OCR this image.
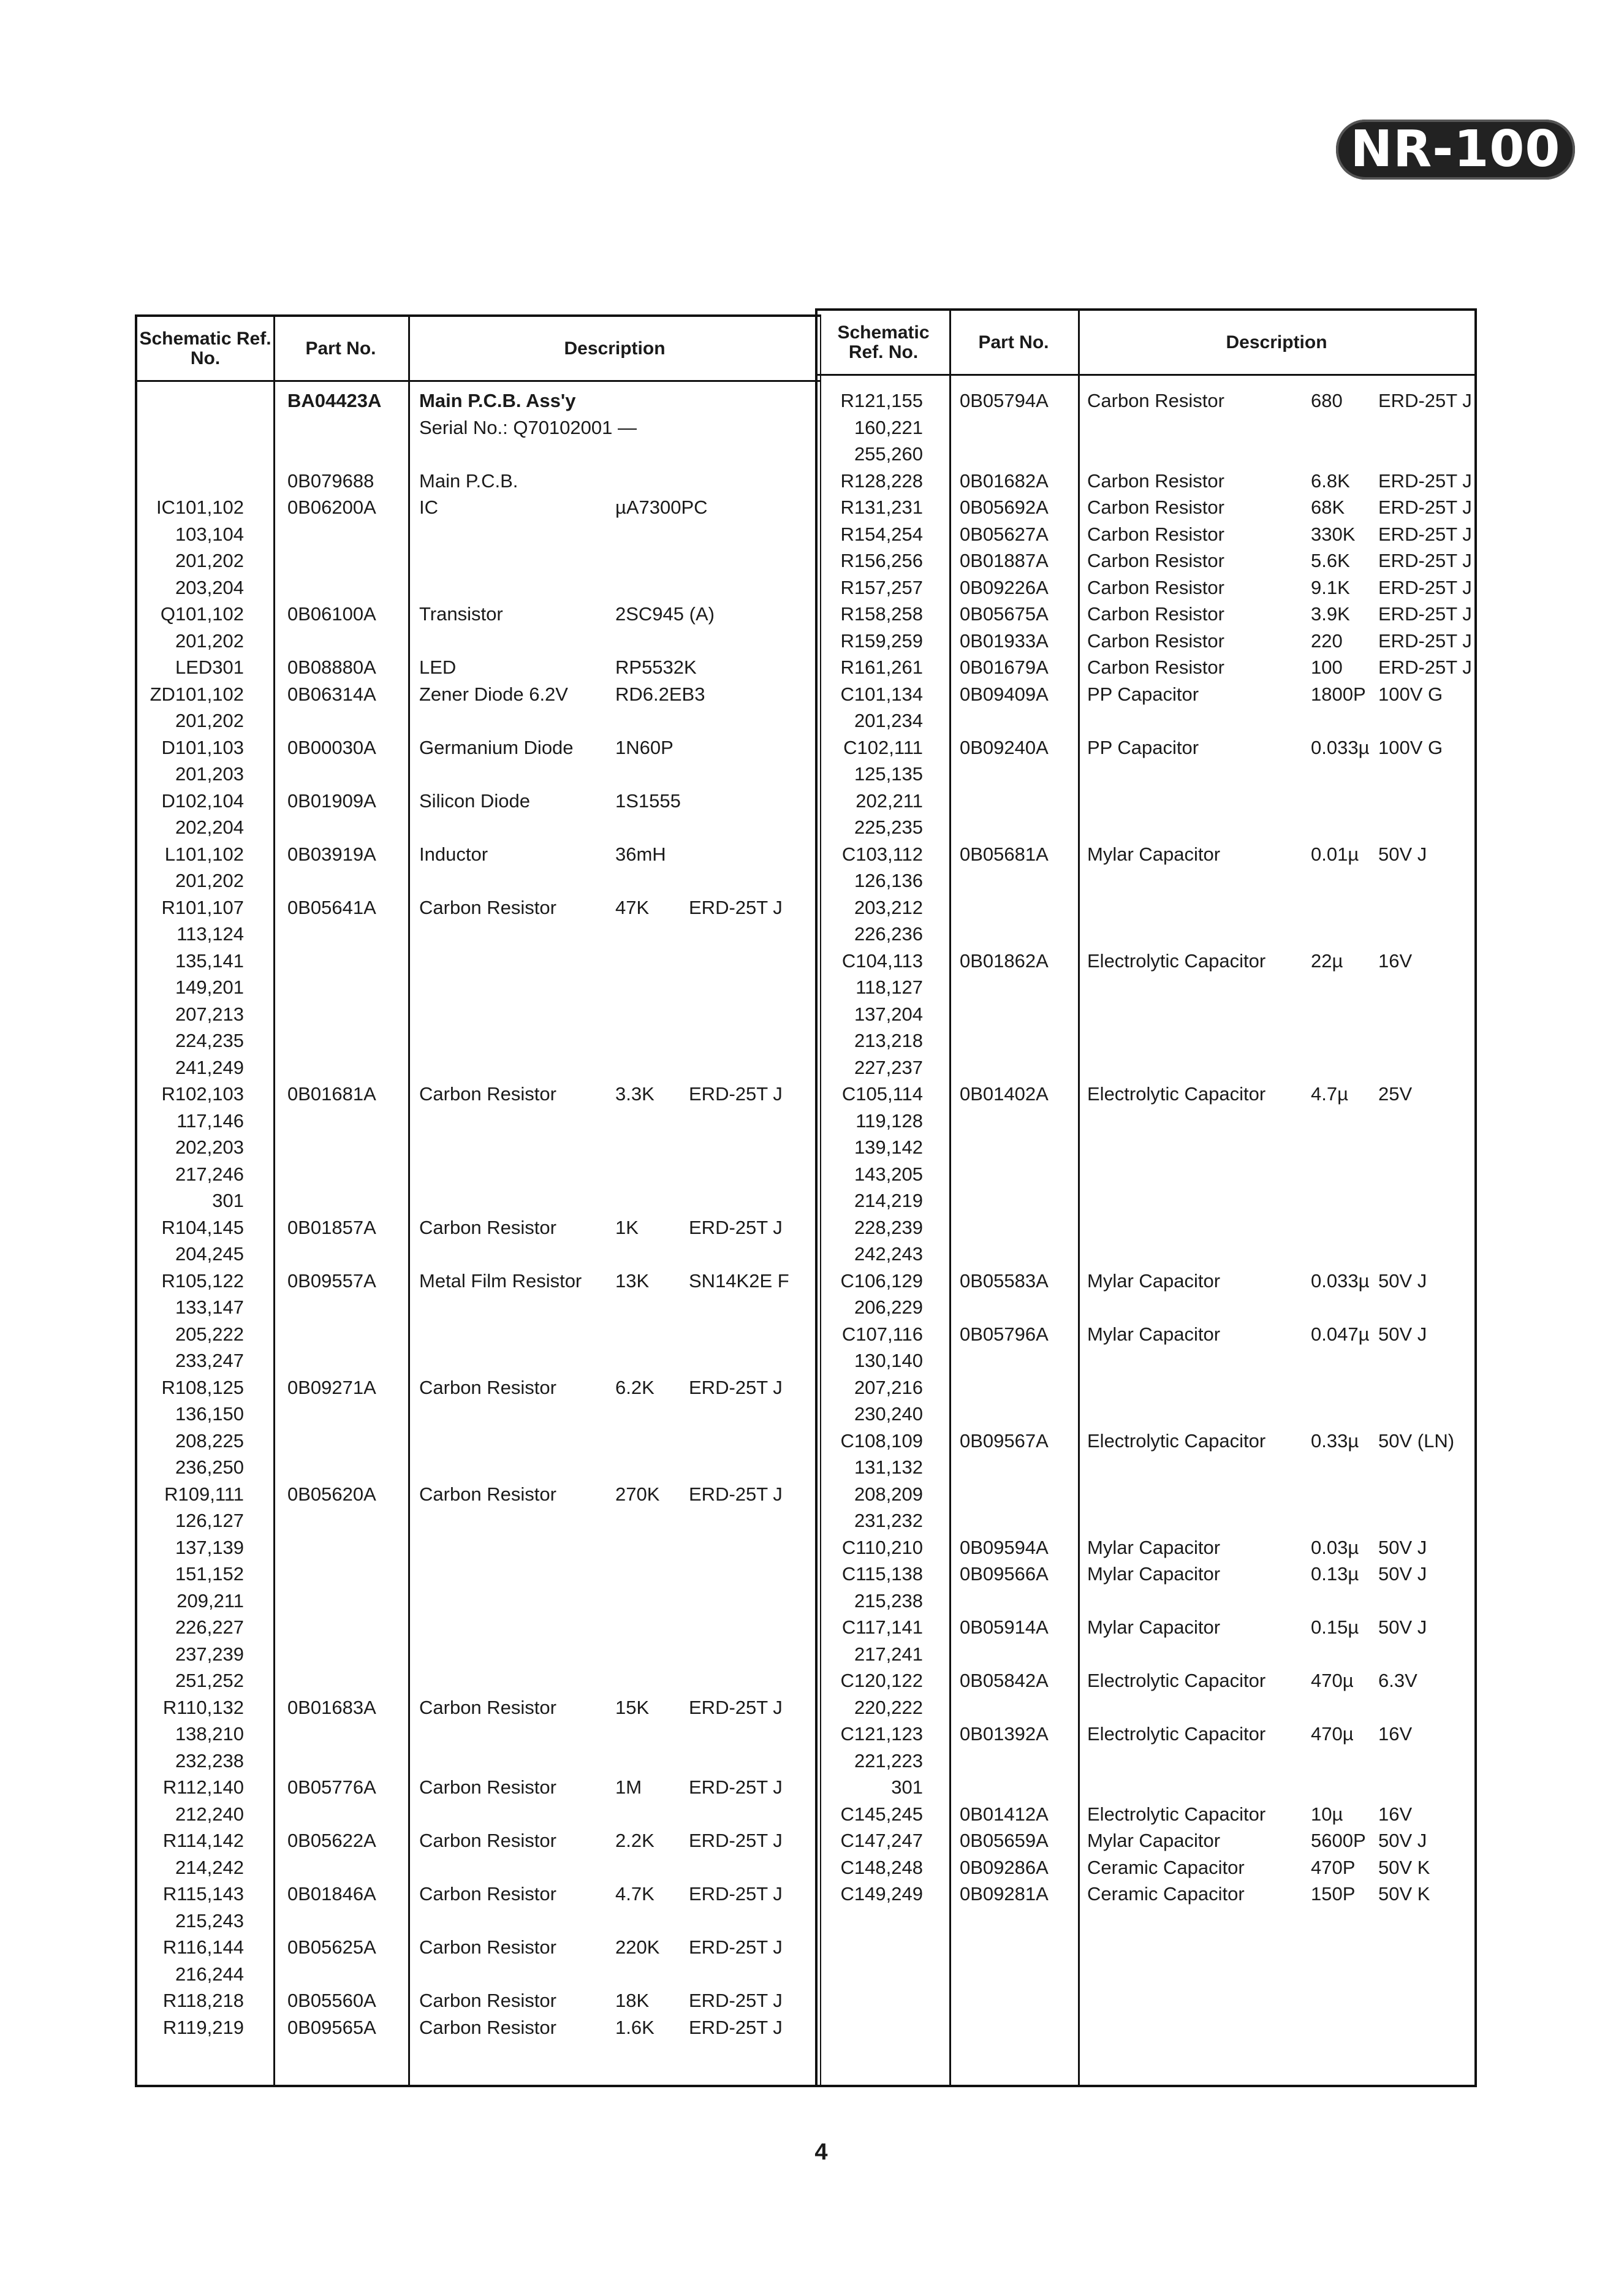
NR-100
Schematic Ref. No.	Part No.	Description
BA04423A Main P.C.B. Ass'y
Serial No.: Q70102001 —
0B079688 Main P.C.B.
IC101,102 0B06200A IC	µA7300PC
103,104
201,202
203,204
Q101,102 0B06100A Transistor	2SC945 (A)
201,202
LED301 0B08880A LED	RP5532K
ZD101,102 0B06314A Zener Diode 6.2V RD6.2EB3
201,202
D101,103 0B00030A Germanium Diode 1N60P
201,203
D102,104 0B01909A Silicon Diode	1S1555
202,204
L101,102 0B03919A Inductor	36mH
201,202
R101,107 0B05641A Carbon Resistor	47K ERD-25T J
113,124
135,141
149,201
207,213
224,235
241,249
R102,103 0B01681A Carbon Resistor	3.3K ERD-25T J
117,146
202,203
217,246
301
R104,145 0B01857A Carbon Resistor	1K	ERD-25T J
204,245
R105,122 0B09557A Metal Film Resistor 13K SN14K2E F
133,147
205,222
233,247
R108,125 0B09271A Carbon Resistor	6.2K ERD-25T J
136,150
208,225
236,250
R109,111 0B05620A Carbon Resistor	270K ERD-25T J
126,127
137,139
151,152
209,211
226,227
237,239
251,252
R110,132 0B01683A Carbon Resistor	15K ERD-25T J
138,210
232,238
R112,140 0B05776A Carbon Resistor	1M ERD-25T J
212,240
R114,142 0B05622A Carbon Resistor	2.2K ERD-25T J
214,242
R115,143 0B01846A Carbon Resistor	4.7K ERD-25T J
215,243
R116,144 0B05625A Carbon Resistor	220K ERD-25T J
216,244
R118,218 0B05560A Carbon Resistor	18K ERD-25T J
R119,219 0B09565A Carbon Resistor	1.6K ERD-25T J
Schematic Ref. No.	Part No.	Description
R121,155 0B05794A Carbon Resistor	680 ERD-25T J
160,221
255,260
R128,228 0B01682A Carbon Resistor	6.8K ERD-25T J
R131,231 0B05692A Carbon Resistor	68K ERD-25T J
R154,254 0B05627A Carbon Resistor	330K ERD-25T J
R156,256 0B01887A Carbon Resistor	5.6K ERD-25T J
R157,257 0B09226A Carbon Resistor	9.1K ERD-25T J
R158,258 0B05675A Carbon Resistor	3.9K ERD-25T J
R159,259 0B01933A Carbon Resistor	220 ERD-25T J
R161,261 0B01679A Carbon Resistor	100 ERD-25T J
C101,134 0B09409A PP Capacitor	1800P 100V G
201,234
C102,111 0B09240A PP Capacitor	0.033µ 100V G
125,135
202,211
225,235
C103,112 0B05681A Mylar Capacitor	0.01µ 50V J
126,136
203,212
226,236
C104,113 0B01862A Electrolytic Capacitor 22µ 16V
118,127
137,204
213,218
227,237
C105,114 0B01402A Electrolytic Capacitor 4.7µ 25V
119,128
139,142
143,205
214,219
228,239
242,243
C106,129 0B05583A Mylar Capacitor	0.033µ 50V J
206,229
C107,116 0B05796A Mylar Capacitor	0.047µ 50V J
130,140
207,216
230,240
C108,109 0B09567A Electrolytic Capacitor 0.33µ 50V (LN)
131,132
208,209
231,232
C110,210 0B09594A Mylar Capacitor	0.03µ 50V J
C115,138 0B09566A Mylar Capacitor	0.13µ 50V J
215,238
C117,141 0B05914A Mylar Capacitor	0.15µ 50V J
217,241
C120,122 0B05842A Electrolytic Capacitor 470µ 6.3V
220,222
C121,123 0B01392A Electrolytic Capacitor 470µ 16V
221,223
301
C145,245 0B01412A Electrolytic Capacitor 10µ 16V
C147,247 0B05659A Mylar Capacitor	5600P 50V J
C148,248 0B09286A Ceramic Capacitor	470P 50V K
C149,249 0B09281A Ceramic Capacitor	150P 50V K
4
